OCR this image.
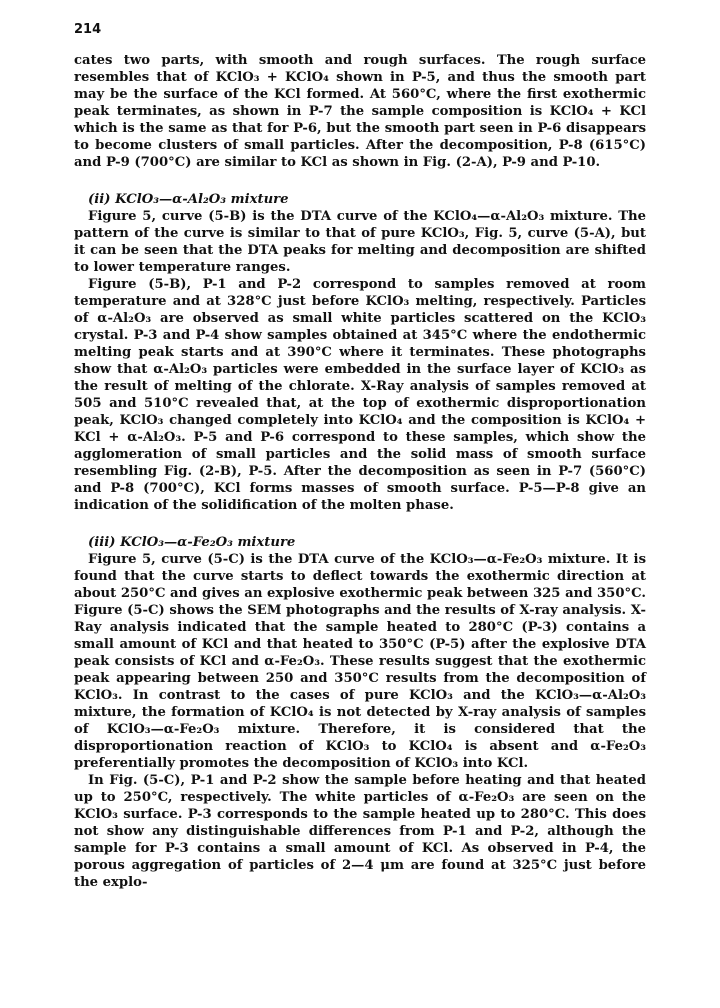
214

cates two parts, with smooth and rough surfaces. The rough surface resembles that of KClO₃ + KClO₄ shown in P-5, and thus the smooth part may be the surface of the KCl formed. At 560°C, where the first exothermic peak terminates, as shown in P-7 the sample composition is KClO₄ + KCl which is the same as that for P-6, but the smooth part seen in P-6 disappears to become clusters of small particles. After the decomposition, P-8 (615°C) and P-9 (700°C) are similar to KCl as shown in Fig. (2-A), P-9 and P-10.

(ii) KClO₃—α-Al₂O₃ mixture

Figure 5, curve (5-B) is the DTA curve of the KClO₄—α-Al₂O₃ mixture. The pattern of the curve is similar to that of pure KClO₃, Fig. 5, curve (5-A), but it can be seen that the DTA peaks for melting and decomposition are shifted to lower temperature ranges.

Figure (5-B), P-1 and P-2 correspond to samples removed at room temperature and at 328°C just before KClO₃ melting, respectively. Particles of α-Al₂O₃ are observed as small white particles scattered on the KClO₃ crystal. P-3 and P-4 show samples obtained at 345°C where the endothermic melting peak starts and at 390°C where it terminates. These photographs show that α-Al₂O₃ particles were embedded in the surface layer of KClO₃ as the result of melting of the chlorate. X-Ray analysis of samples removed at 505 and 510°C revealed that, at the top of exothermic disproportionation peak, KClO₃ changed completely into KClO₄ and the composition is KClO₄ + KCl + α-Al₂O₃. P-5 and P-6 correspond to these samples, which show the agglomeration of small particles and the solid mass of smooth surface resembling Fig. (2-B), P-5. After the decomposition as seen in P-7 (560°C) and P-8 (700°C), KCl forms masses of smooth surface. P-5—P-8 give an indication of the solidification of the molten phase.

(iii) KClO₃—α-Fe₂O₃ mixture

Figure 5, curve (5-C) is the DTA curve of the KClO₃—α-Fe₂O₃ mixture. It is found that the curve starts to deflect towards the exothermic direction at about 250°C and gives an explosive exothermic peak between 325 and 350°C. Figure (5-C) shows the SEM photographs and the results of X-ray analysis. X-Ray analysis indicated that the sample heated to 280°C (P-3) contains a small amount of KCl and that heated to 350°C (P-5) after the explosive DTA peak consists of KCl and α-Fe₂O₃. These results suggest that the exothermic peak appearing between 250 and 350°C results from the decomposition of KClO₃. In contrast to the cases of pure KClO₃ and the KClO₃—α-Al₂O₃ mixture, the formation of KClO₄ is not detected by X-ray analysis of samples of KClO₃—α-Fe₂O₃ mixture. Therefore, it is considered that the disproportionation reaction of KClO₃ to KClO₄ is absent and α-Fe₂O₃ preferentially promotes the decomposition of KClO₃ into KCl.

In Fig. (5-C), P-1 and P-2 show the sample before heating and that heated up to 250°C, respectively. The white particles of α-Fe₂O₃ are seen on the KClO₃ surface. P-3 corresponds to the sample heated up to 280°C. This does not show any distinguishable differences from P-1 and P-2, although the sample for P-3 contains a small amount of KCl. As observed in P-4, the porous aggregation of particles of 2—4 μm are found at 325°C just before the explo-
